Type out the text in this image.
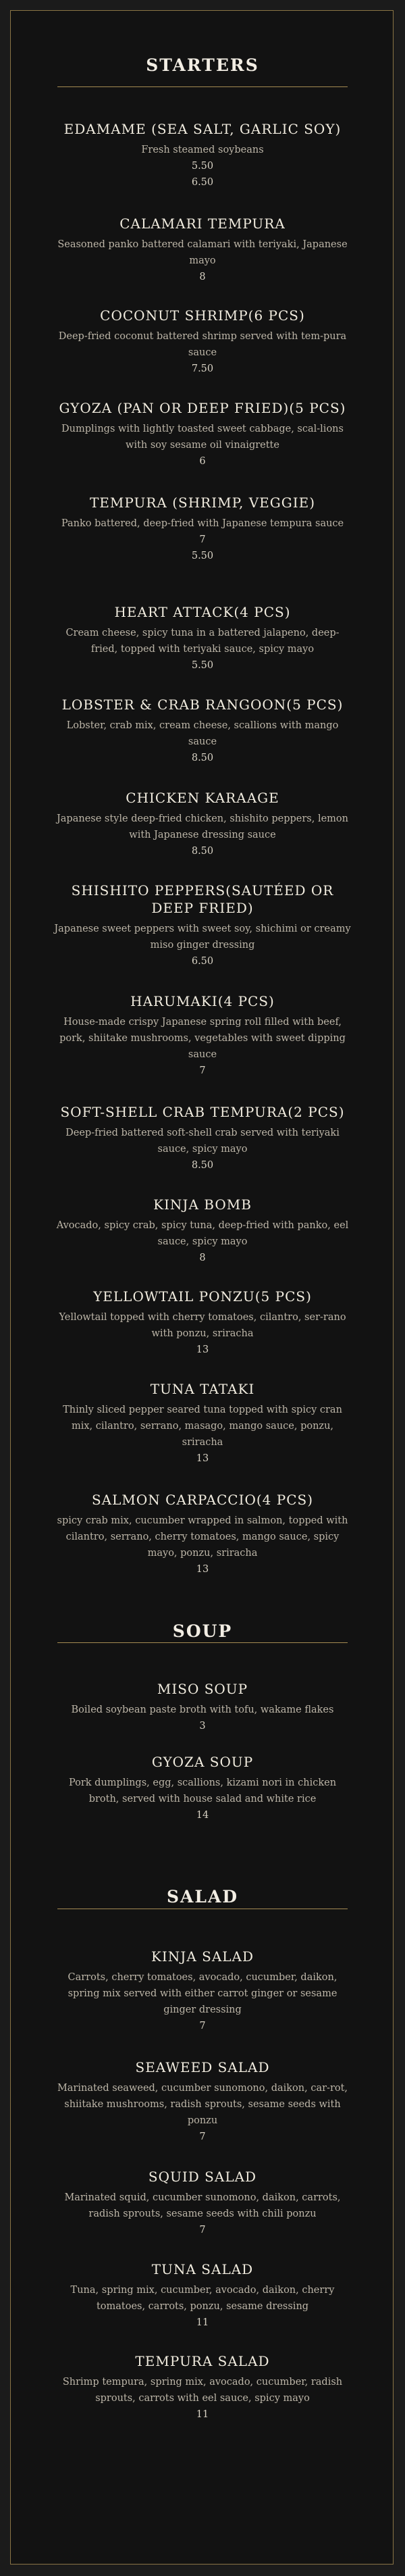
STARTERS
EDAMAME (SEA SALT, GARLIC SOY)
Fresh steamed soybeans
5.50
6.50
CALAMARI TEMPURA
Seasoned panko battered calamari with teriyaki, Japanese mayo
8
COCONUT SHRIMP(6 PCS)
Deep-fried coconut battered shrimp served with tem-pura sauce
7.50
GYOZA (PAN OR DEEP FRIED)(5 PCS)
Dumplings with lightly toasted sweet cabbage, scal-lions with soy sesame oil vinaigrette
6
TEMPURA (SHRIMP, VEGGIE)
Panko battered, deep-fried with Japanese tempura sauce
7
5.50
HEART ATTACK(4 PCS)
Cream cheese, spicy tuna in a battered jalapeno, deep-fried, topped with teriyaki sauce, spicy mayo
5.50
LOBSTER & CRAB RANGOON(5 PCS)
Lobster, crab mix, cream cheese, scallions with mango sauce
8.50
CHICKEN KARAAGE
Japanese style deep-fried chicken, shishito peppers, lemon with Japanese dressing sauce
8.50
SHISHITO PEPPERS(SAUTÉED OR DEEP FRIED)
Japanese sweet peppers with sweet soy, shichimi or creamy miso ginger dressing
6.50
HARUMAKI(4 PCS)
House-made crispy Japanese spring roll filled with beef, pork, shiitake mushrooms, vegetables with sweet dipping sauce
7
SOFT-SHELL CRAB TEMPURA(2 PCS)
Deep-fried battered soft-shell crab served with teriyaki sauce, spicy mayo
8.50
KINJA BOMB
Avocado, spicy crab, spicy tuna, deep-fried with panko, eel sauce, spicy mayo
8
YELLOWTAIL PONZU(5 PCS)
Yellowtail topped with cherry tomatoes, cilantro, ser-rano with ponzu, sriracha
13
TUNA TATAKI
Thinly sliced pepper seared tuna topped with spicy cran mix, cilantro, serrano, masago, mango sauce, ponzu, sriracha
13
SALMON CARPACCIO(4 PCS)
spicy crab mix, cucumber wrapped in salmon, topped with cilantro, serrano, cherry tomatoes, mango sauce, spicy mayo, ponzu, sriracha
13
SOUP
MISO SOUP
Boiled soybean paste broth with tofu, wakame flakes
3
GYOZA SOUP
Pork dumplings, egg, scallions, kizami nori in chicken broth, served with house salad and white rice
14
SALAD
KINJA SALAD
Carrots, cherry tomatoes, avocado, cucumber, daikon, spring mix served with either carrot ginger or sesame ginger dressing
7
SEAWEED SALAD
Marinated seaweed, cucumber sunomono, daikon, car-rot, shiitake mushrooms, radish sprouts, sesame seeds with ponzu
7
SQUID SALAD
Marinated squid, cucumber sunomono, daikon, carrots, radish sprouts, sesame seeds with chili ponzu
7
TUNA SALAD
Tuna, spring mix, cucumber, avocado, daikon, cherry tomatoes, carrots, ponzu, sesame dressing
11
TEMPURA SALAD
Shrimp tempura, spring mix, avocado, cucumber, radish sprouts, carrots with eel sauce, spicy mayo
11
